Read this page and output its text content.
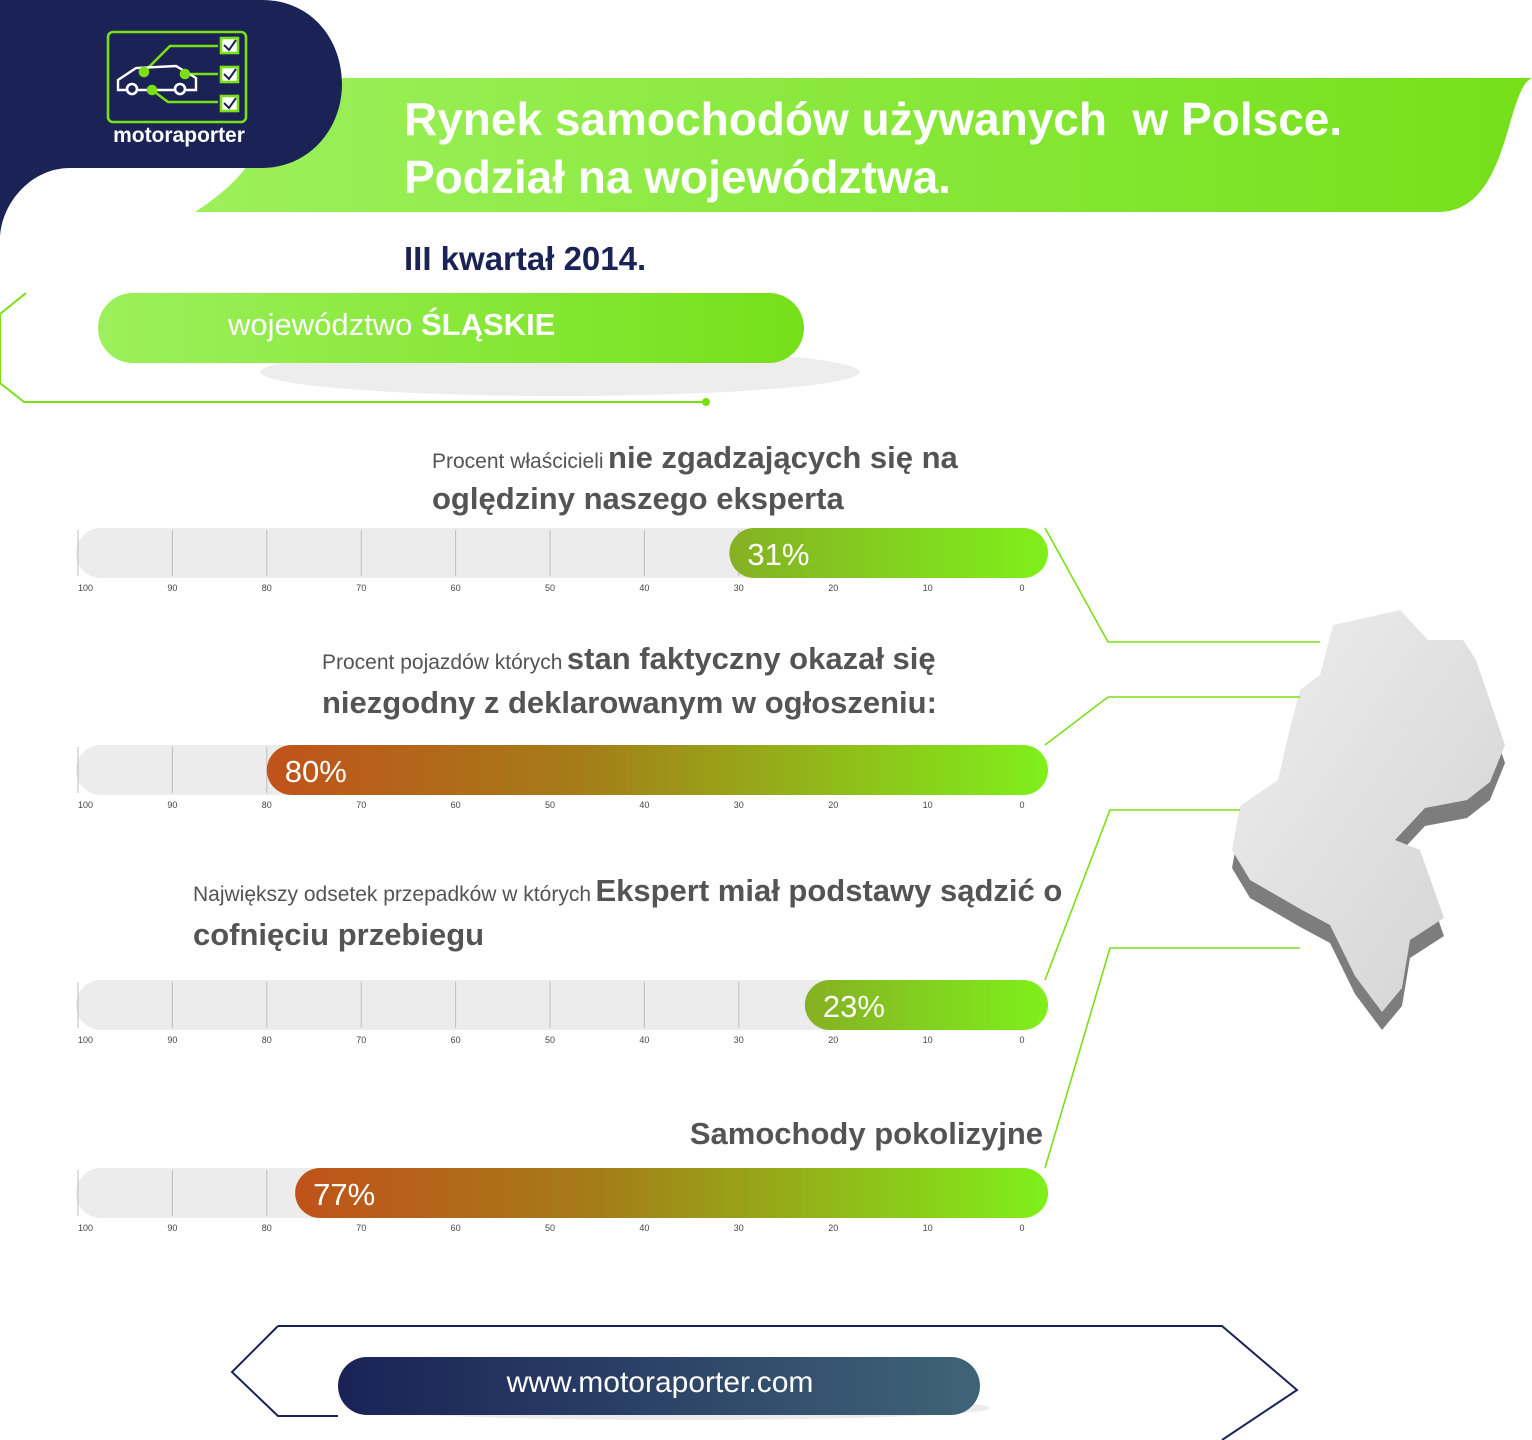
31%
100	90	80	70	60	50	40	30	20	10	0
80%
100	90	80	70	60	50	40	30	20	10	0
23%
100	90	80	70	60	50	40	30	20	10	0
77%
100	90	80	70	60	50	40	30	20	10	0
motoraporter	Rynek samochodów używanych  w Polsce.
Podział na województwa.
III kwartał 2014.
województwo ŚLĄSKIE
Procent właścicieli nie zgadzających się na oględziny naszego eksperta
Procent pojazdów których stan faktyczny okazał się niezgodny z deklarowanym w ogłoszeniu:
Największy odsetek przepadków w których Ekspert miał podstawy sądzić o cofnięciu przebiegu
Samochody pokolizyjne
www.motoraporter.com
